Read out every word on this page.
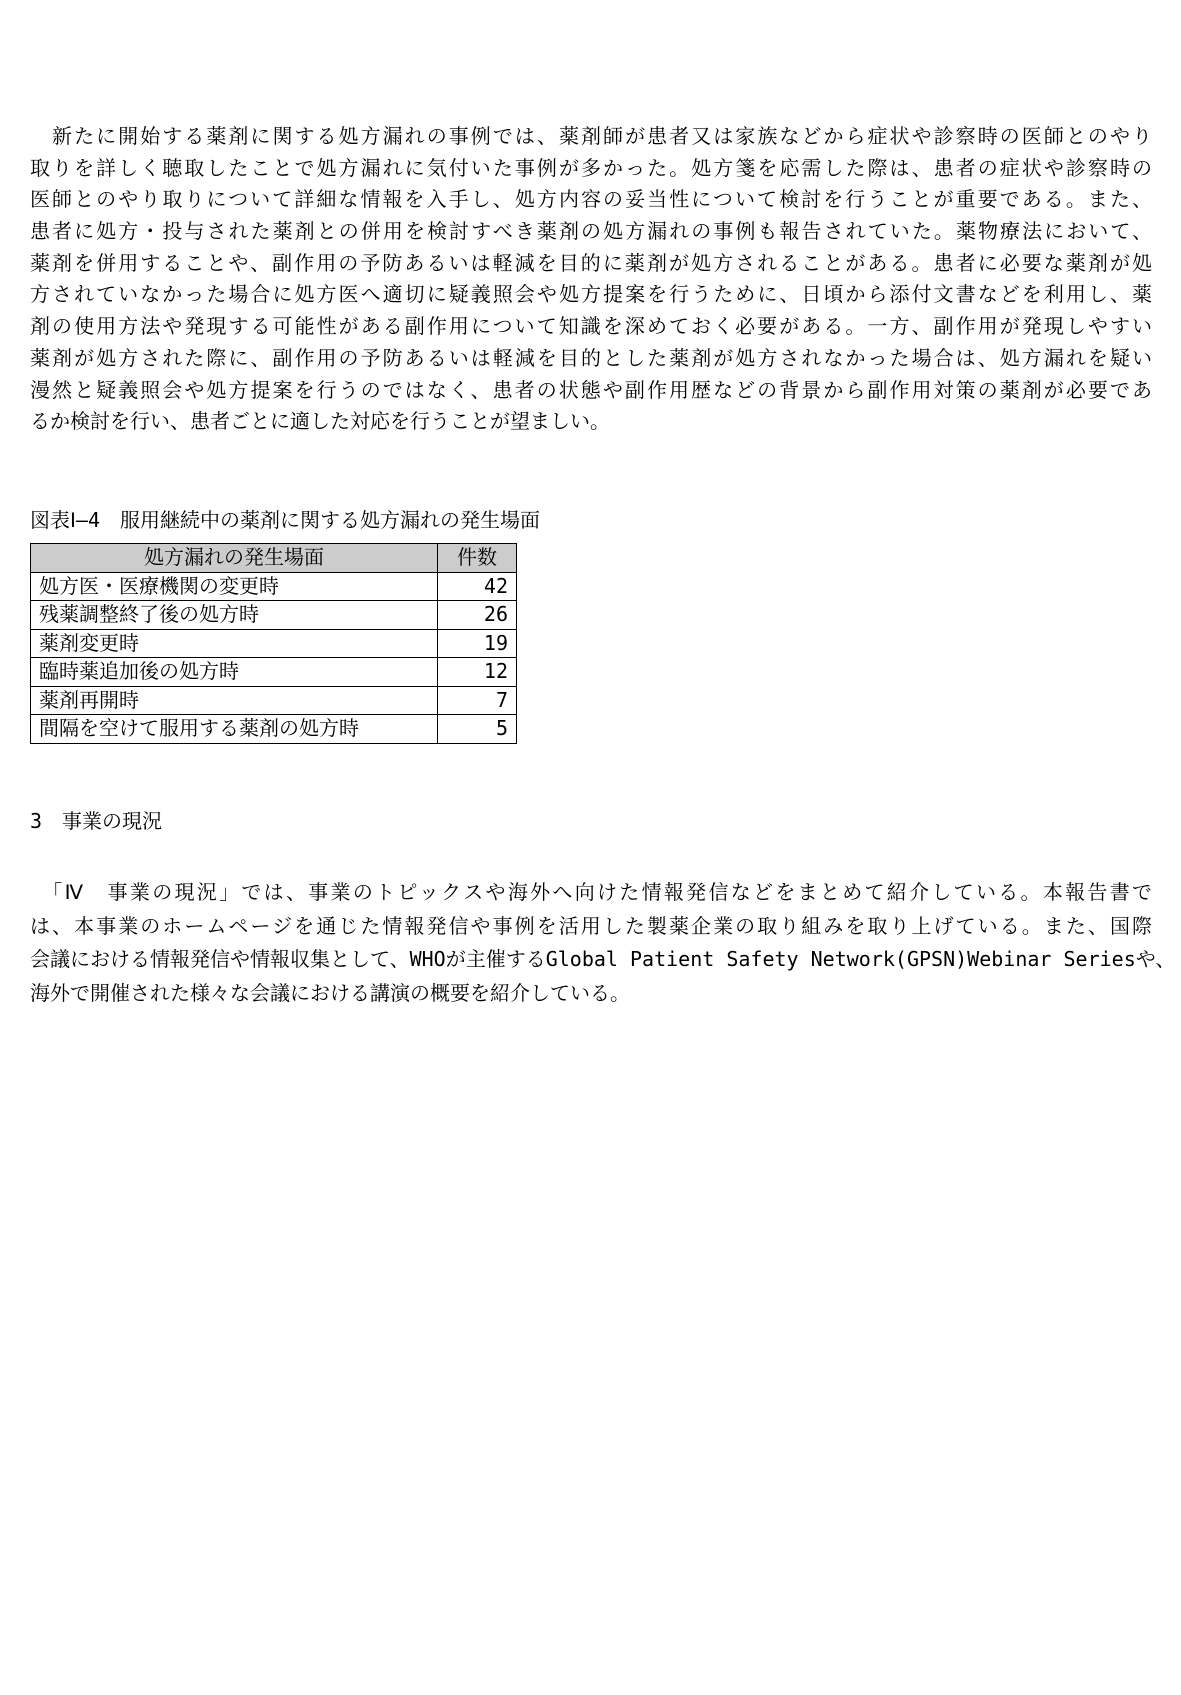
　新たに開始する薬剤に関する処方漏れの事例では、薬剤師が患者又は家族などから症状や診察時の医師とのやり
取りを詳しく聴取したことで処方漏れに気付いた事例が多かった。処方箋を応需した際は、患者の症状や診察時の
医師とのやり取りについて詳細な情報を入手し、処方内容の妥当性について検討を行うことが重要である。また、
患者に処方・投与された薬剤との併用を検討すべき薬剤の処方漏れの事例も報告されていた。薬物療法において、
薬剤を併用することや、副作用の予防あるいは軽減を目的に薬剤が処方されることがある。患者に必要な薬剤が処
方されていなかった場合に処方医へ適切に疑義照会や処方提案を行うために、日頃から添付文書などを利用し、薬
剤の使用方法や発現する可能性がある副作用について知識を深めておく必要がある。一方、副作用が発現しやすい
薬剤が処方された際に、副作用の予防あるいは軽減を目的とした薬剤が処方されなかった場合は、処方漏れを疑い
漫然と疑義照会や処方提案を行うのではなく、患者の状態や副作用歴などの背景から副作用対策の薬剤が必要であ
るか検討を行い、患者ごとに適した対応を行うことが望ましい。
図表Ⅰ―4　服用継続中の薬剤に関する処方漏れの発生場面
処方漏れの発生場面	件数
処方医・医療機関の変更時	42
残薬調整終了後の処方時	26
薬剤変更時	19
臨時薬追加後の処方時	12
薬剤再開時	7
間隔を空けて服用する薬剤の処方時	5
3　事業の現況
　「Ⅳ　事業の現況」では、事業のトピックスや海外へ向けた情報発信などをまとめて紹介している。本報告書で
は、本事業のホームページを通じた情報発信や事例を活用した製薬企業の取り組みを取り上げている。また、国際
会議における情報発信や情報収集として、WHOが主催するGlobal Patient Safety Network(GPSN)Webinar Seriesや、
海外で開催された様々な会議における講演の概要を紹介している。
